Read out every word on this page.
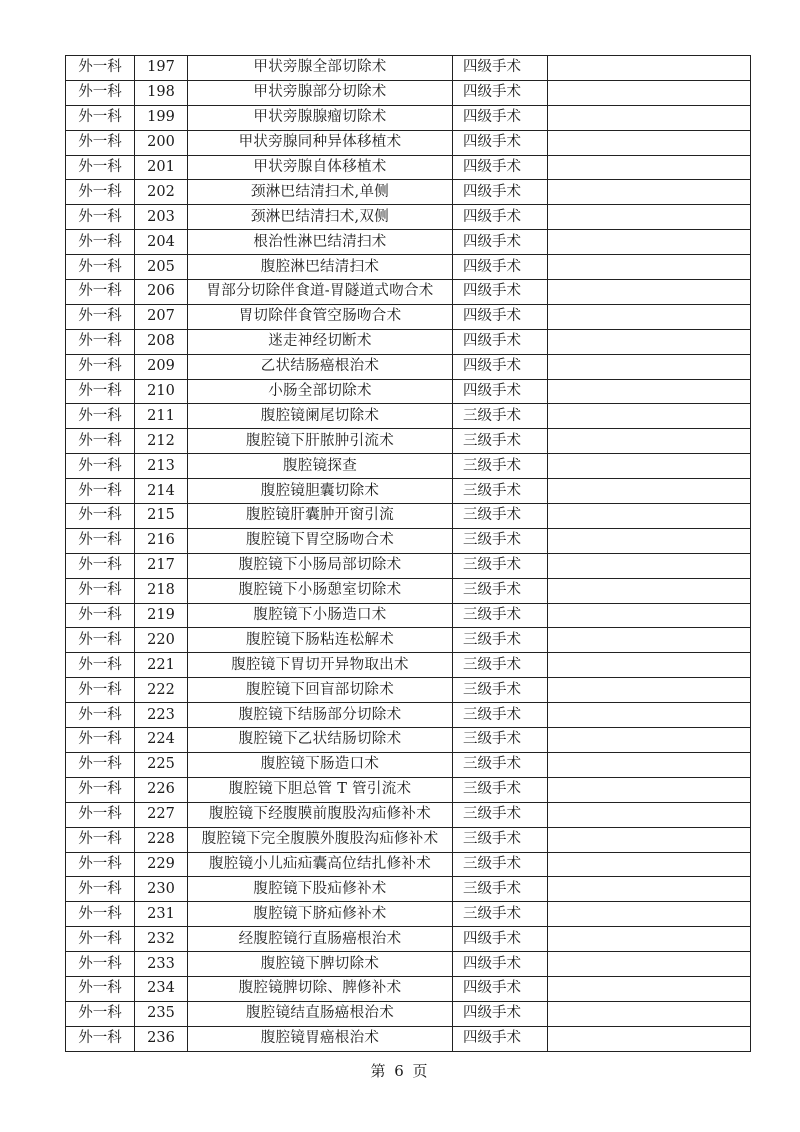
外一科	197	甲状旁腺全部切除术	四级手术	
外一科	198	甲状旁腺部分切除术	四级手术	
外一科	199	甲状旁腺腺瘤切除术	四级手术	
外一科	200	甲状旁腺同种异体移植术	四级手术	
外一科	201	甲状旁腺自体移植术	四级手术	
外一科	202	颈淋巴结清扫术,单侧	四级手术	
外一科	203	颈淋巴结清扫术,双侧	四级手术	
外一科	204	根治性淋巴结清扫术	四级手术	
外一科	205	腹腔淋巴结清扫术	四级手术	
外一科	206	胃部分切除伴食道-胃隧道式吻合术	四级手术	
外一科	207	胃切除伴食管空肠吻合术	四级手术	
外一科	208	迷走神经切断术	四级手术	
外一科	209	乙状结肠癌根治术	四级手术	
外一科	210	小肠全部切除术	四级手术	
外一科	211	腹腔镜阑尾切除术	三级手术	
外一科	212	腹腔镜下肝脓肿引流术	三级手术	
外一科	213	腹腔镜探查	三级手术	
外一科	214	腹腔镜胆囊切除术	三级手术	
外一科	215	腹腔镜肝囊肿开窗引流	三级手术	
外一科	216	腹腔镜下胃空肠吻合术	三级手术	
外一科	217	腹腔镜下小肠局部切除术	三级手术	
外一科	218	腹腔镜下小肠憩室切除术	三级手术	
外一科	219	腹腔镜下小肠造口术	三级手术	
外一科	220	腹腔镜下肠粘连松解术	三级手术	
外一科	221	腹腔镜下胃切开异物取出术	三级手术	
外一科	222	腹腔镜下回盲部切除术	三级手术	
外一科	223	腹腔镜下结肠部分切除术	三级手术	
外一科	224	腹腔镜下乙状结肠切除术	三级手术	
外一科	225	腹腔镜下肠造口术	三级手术	
外一科	226	腹腔镜下胆总管 T 管引流术	三级手术	
外一科	227	腹腔镜下经腹膜前腹股沟疝修补术	三级手术	
外一科	228	腹腔镜下完全腹膜外腹股沟疝修补术	三级手术	
外一科	229	腹腔镜小儿疝疝囊高位结扎修补术	三级手术	
外一科	230	腹腔镜下股疝修补术	三级手术	
外一科	231	腹腔镜下脐疝修补术	三级手术	
外一科	232	经腹腔镜行直肠癌根治术	四级手术	
外一科	233	腹腔镜下脾切除术	四级手术	
外一科	234	腹腔镜脾切除、脾修补术	四级手术	
外一科	235	腹腔镜结直肠癌根治术	四级手术	
外一科	236	腹腔镜胃癌根治术	四级手术	
第 6 页
